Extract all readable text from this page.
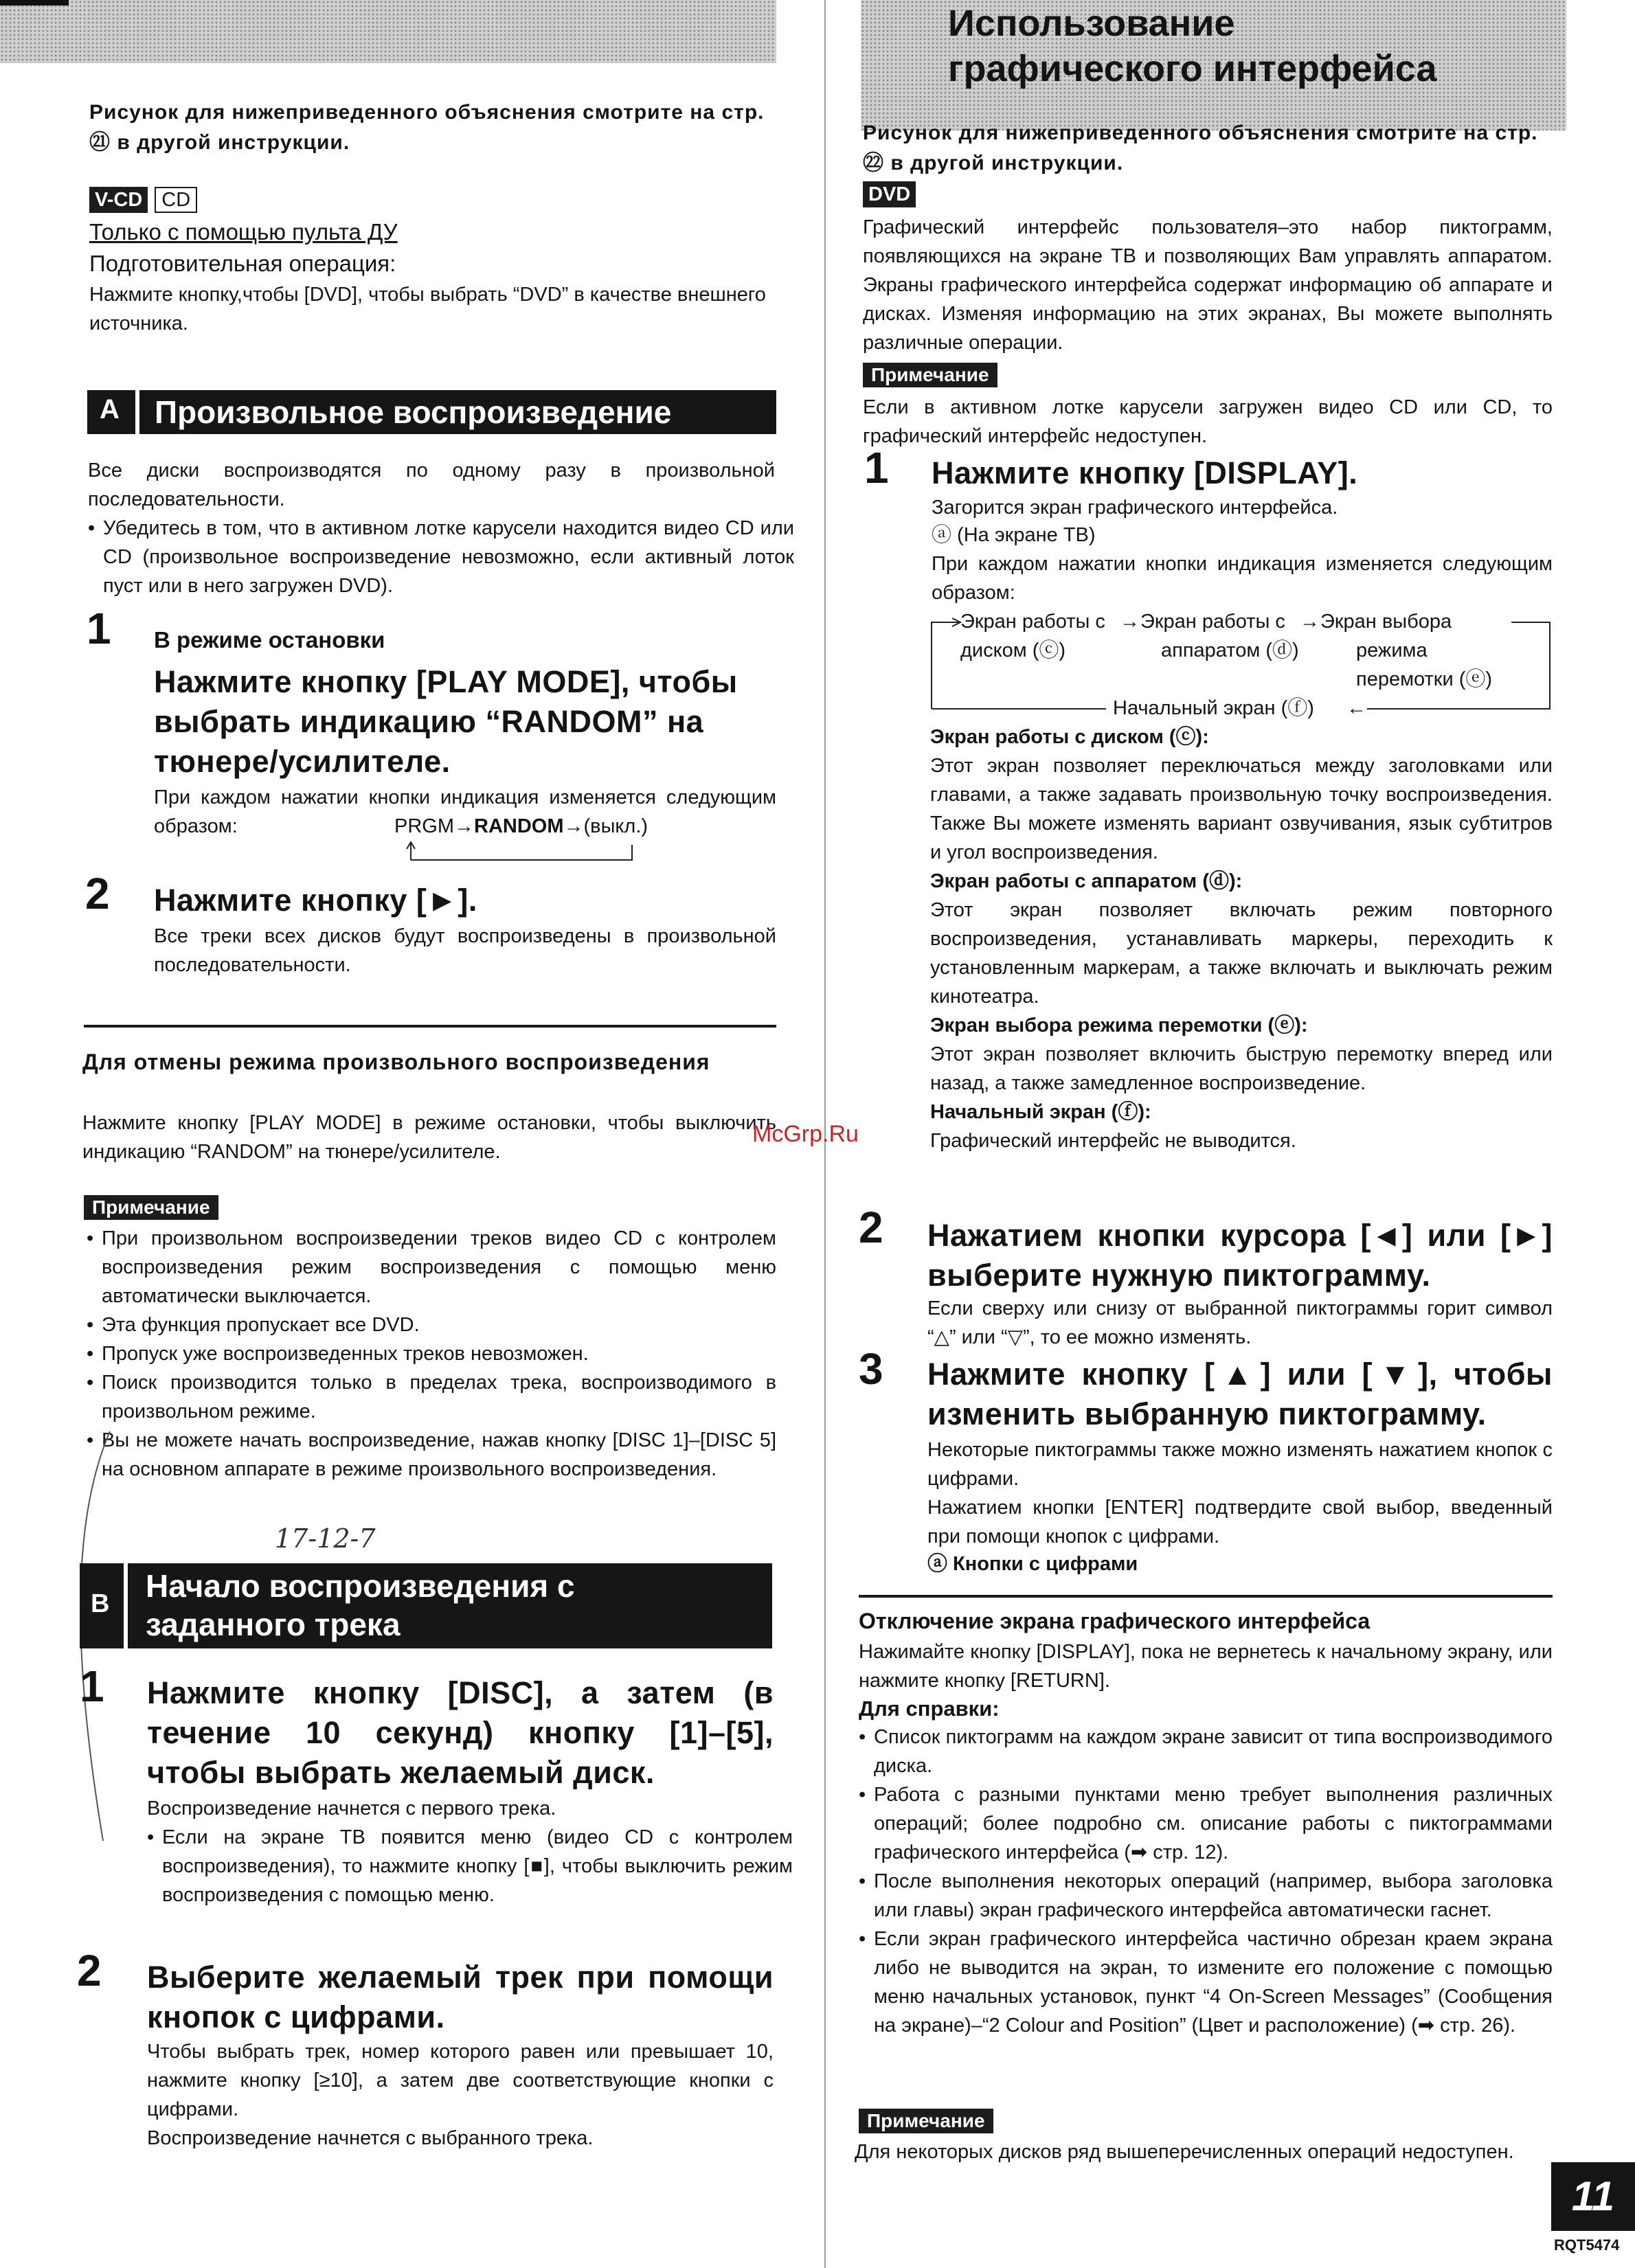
Рисунок для нижеприведенного объяснения смотрите на стр. ㉑ в другой инструкции.
V-CD CD
Только с помощью пульта ДУ
Подготовительная операция:
Нажмите кнопку,чтобы [DVD], чтобы выбрать “DVD” в качестве внешнего источника.
A Произвольное воспроизведение
Все диски воспроизводятся по одному разу в произвольной последовательности.
• Убедитесь в том, что в активном лотке карусели находится видео CD или CD (произвольное воспроизведение невозможно, если активный лоток пуст или в него загружен DVD).
1 В режиме остановки
Нажмите кнопку [PLAY MODE], чтобы выбрать индикацию “RANDOM” на тюнере/усилителе.
При каждом нажатии кнопки индикация изменяется следующим образом:	PRGM→RANDOM→(выкл.)
2 Нажмите кнопку [►].
Все треки всех дисков будут воспроизведены в произвольной последовательности.
Для отмены режима произвольного воспроизведения
Нажмите кнопку [PLAY MODE] в режиме остановки, чтобы выключить индикацию “RANDOM” на тюнере/усилителе.
Примечание
• При произвольном воспроизведении треков видео CD с контролем воспроизведения режим воспроизведения с помощью меню автоматически выключается.
• Эта функция пропускает все DVD.
• Пропуск уже воспроизведенных треков невозможен.
• Поиск производится только в пределах трека, воспроизводимого в произвольном режиме.
• Вы не можете начать воспроизведение, нажав кнопку [DISC 1]–[DISC 5] на основном аппарате в режиме произвольного воспроизведения.
17-12-7
B Начало воспроизведения с
заданного трека
1 Нажмите кнопку [DISC], а затем (в течение 10 секунд) кнопку [1]–[5], чтобы выбрать желаемый диск.
Воспроизведение начнется с первого трека.
• Если на экране ТВ появится меню (видео CD с контролем воспроизведения), то нажмите кнопку [■], чтобы выключить режим воспроизведения с помощью меню.
2 Выберите желаемый трек при помощи кнопок с цифрами.
Чтобы выбрать трек, номер которого равен или превышает 10, нажмите кнопку [≥10], а затем две соответствующие кнопки с цифрами.
Воспроизведение начнется с выбранного трека.
Использование
графического интерфейса
Рисунок для нижеприведенного объяснения смотрите на стр. ㉒ в другой инструкции.
DVD
Графический интерфейс пользователя–это набор пиктограмм, появляющихся на экране ТВ и позволяющих Вам управлять аппаратом. Экраны графического интерфейса содержат информацию об аппарате и дисках. Изменяя информацию на этих экранах, Вы можете выполнять различные операции.
Примечание
Если в активном лотке карусели загружен видео CD или CD, то графический интерфейс недоступен.
1 Нажмите кнопку [DISPLAY].
Загорится экран графического интерфейса.
ⓐ (На экране ТВ)
При каждом нажатии кнопки индикация изменяется следующим образом:
Экран работы с → Экран работы с → Экран выбора
диском (ⓒ)	аппаратом (ⓓ)	режима
перемотки (ⓔ)
Начальный экран (ⓕ) ←
Экран работы с диском (ⓒ):
Этот экран позволяет переключаться между заголовками или главами, а также задавать произвольную точку воспроизведения. Также Вы можете изменять вариант озвучивания, язык субтитров и угол воспроизведения.
Экран работы с аппаратом (ⓓ):
Этот экран позволяет включать режим повторного воспроизведения, устанавливать маркеры, переходить к установленным маркерам, а также включать и выключать режим кинотеатра.
Экран выбора режима перемотки (ⓔ):
Этот экран позволяет включить быструю перемотку вперед или назад, а также замедленное воспроизведение.
Начальный экран (ⓕ):
Графический интерфейс не выводится.
2 Нажатием кнопки курсора [◄] или [►] выберите нужную пиктограмму.
Если сверху или снизу от выбранной пиктограммы горит символ “△” или “▽”, то ее можно изменять.
3 Нажмите кнопку [▲] или [▼], чтобы изменить выбранную пиктограмму.
Некоторые пиктограммы также можно изменять нажатием кнопок с цифрами.
Нажатием кнопки [ENTER] подтвердите свой выбор, введенный при помощи кнопок с цифрами.
ⓐ Кнопки с цифрами
Отключение экрана графического интерфейса
Нажимайте кнопку [DISPLAY], пока не вернетесь к начальному экрану, или нажмите кнопку [RETURN].
Для справки:
• Список пиктограмм на каждом экране зависит от типа воспроизводимого диска.
• Работа с разными пунктами меню требует выполнения различных операций; более подробно см. описание работы с пиктограммами графического интерфейса (➡ стр. 12).
• После выполнения некоторых операций (например, выбора заголовка или главы) экран графического интерфейса автоматически гаснет.
• Если экран графического интерфейса частично обрезан краем экрана либо не выводится на экран, то измените его положение с помощью меню начальных установок, пункт “4 On-Screen Messages” (Сообщения на экране)–“2 Colour and Position” (Цвет и расположение) (➡ стр. 26).
Примечание
Для некоторых дисков ряд вышеперечисленных операций недоступен.
McGrp.Ru
11
RQT5474
